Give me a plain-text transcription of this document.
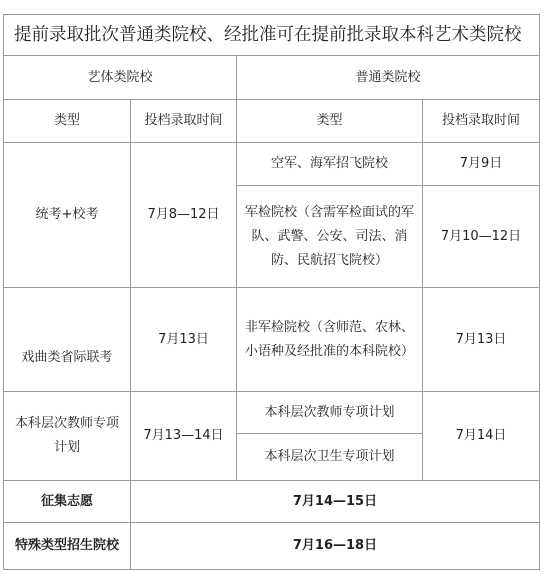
提前录取批次普通类院校、经批准可在提前批录取本科艺术类院校			
艺体类院校		普通类院校	
类型	投档录取时间	类型	投档录取时间
统考+校考	7月8—12日	空军、海军招飞院校	7月9日
		军检院校（含需军检面试的军队、武警、公安、司法、消防、民航招飞院校）	7月10—12日

戏曲类省际联考	7月13日	非军检院校（含师范、农林、小语种及经批准的本科院校）	7月13日
本科层次教师专项计划	7月13—14日	本科层次教师专项计划	7月14日
		本科层次卫生专项计划	
征集志愿	7月14—15日		
特殊类型招生院校	7月16—18日		
